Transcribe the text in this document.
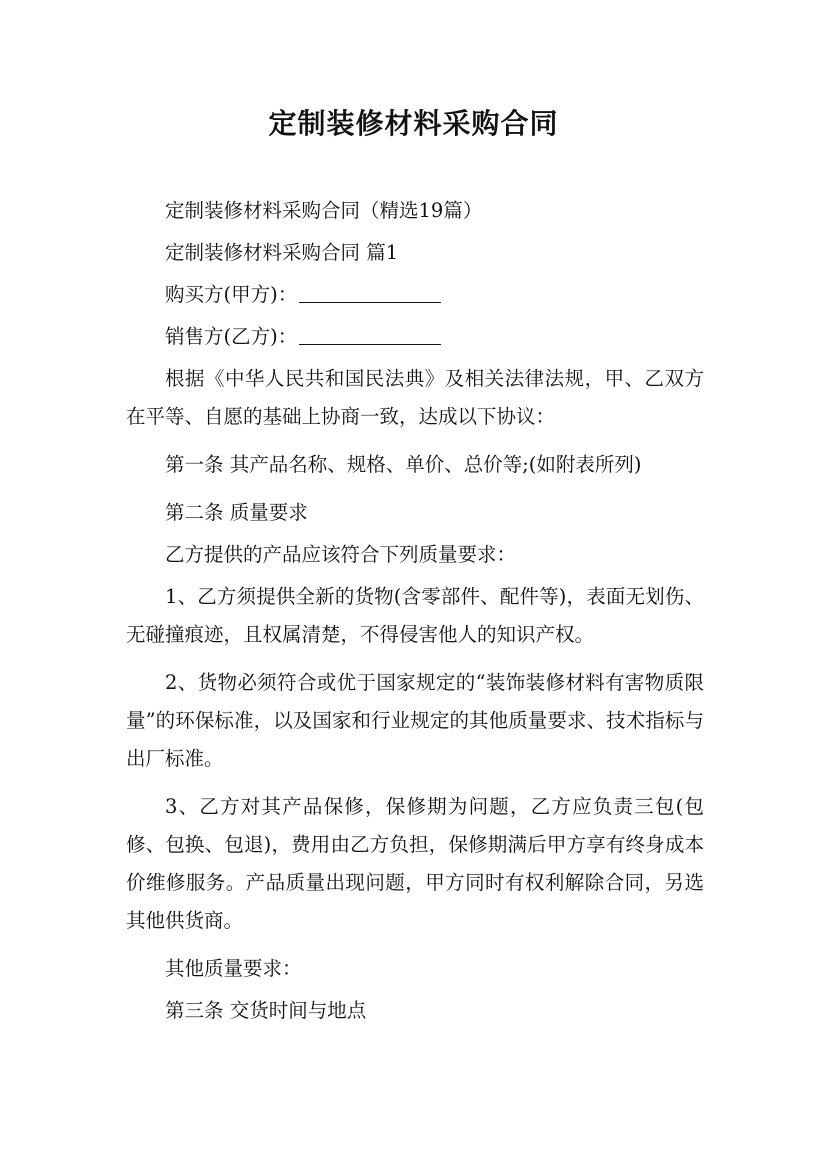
定制装修材料采购合同

定制装修材料采购合同（精选19篇）

定制装修材料采购合同 篇1

购买方(甲方)：

销售方(乙方)：

根据《中华人民共和国民法典》及相关法律法规，甲、乙双方在平等、自愿的基础上协商一致，达成以下协议：

第一条 其产品名称、规格、单价、总价等;(如附表所列)

第二条 质量要求

乙方提供的产品应该符合下列质量要求：

1、乙方须提供全新的货物(含零部件、配件等)，表面无划伤、无碰撞痕迹，且权属清楚，不得侵害他人的知识产权。

2、货物必须符合或优于国家规定的“装饰装修材料有害物质限量”的环保标准，以及国家和行业规定的其他质量要求、技术指标与出厂标准。

3、乙方对其产品保修，保修期为问题，乙方应负责三包(包修、包换、包退)，费用由乙方负担，保修期满后甲方享有终身成本价维修服务。产品质量出现问题，甲方同时有权利解除合同，另选其他供货商。

其他质量要求：

第三条 交货时间与地点
